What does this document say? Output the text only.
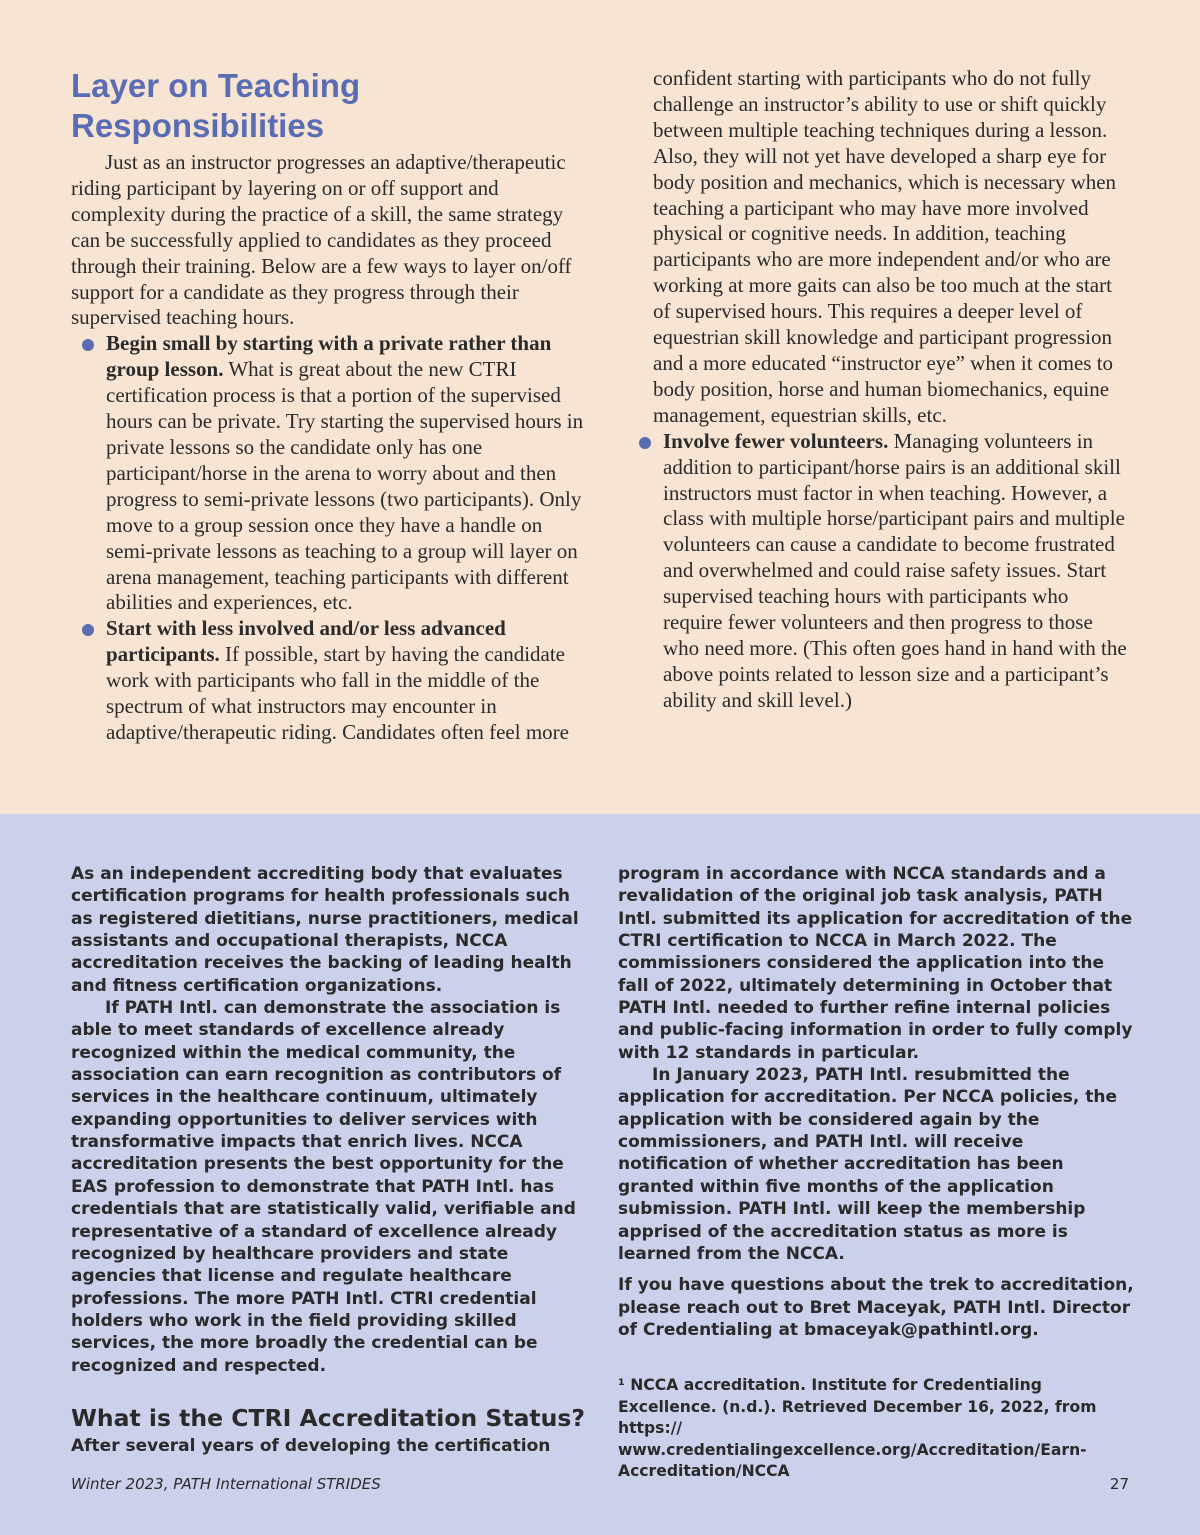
Layer on Teaching Responsibilities

Just as an instructor progresses an adaptive/therapeutic riding participant by layering on or off support and complexity during the practice of a skill, the same strategy can be successfully applied to candidates as they proceed through their training. Below are a few ways to layer on/off support for a candidate as they progress through their supervised teaching hours.

Begin small by starting with a private rather than group lesson. What is great about the new CTRI certification process is that a portion of the supervised hours can be private. Try starting the supervised hours in private lessons so the candidate only has one participant/horse in the arena to worry about and then progress to semi-private lessons (two participants). Only move to a group session once they have a handle on semi-private lessons as teaching to a group will layer on arena management, teaching participants with different abilities and experiences, etc.
Start with less involved and/or less advanced participants. If possible, start by having the candidate work with participants who fall in the middle of the spectrum of what instructors may encounter in adaptive/therapeutic riding. Candidates often feel more

confident starting with participants who do not fully challenge an instructor’s ability to use or shift quickly between multiple teaching techniques during a lesson. Also, they will not yet have developed a sharp eye for body position and mechanics, which is necessary when teaching a participant who may have more involved physical or cognitive needs. In addition, teaching participants who are more independent and/or who are working at more gaits can also be too much at the start of supervised hours. This requires a deeper level of equestrian skill knowledge and participant progression and a more educated “instructor eye” when it comes to body position, horse and human biomechanics, equine management, equestrian skills, etc.

Involve fewer volunteers. Managing volunteers in addition to participant/horse pairs is an additional skill instructors must factor in when teaching. However, a class with multiple horse/participant pairs and multiple volunteers can cause a candidate to become frustrated and overwhelmed and could raise safety issues. Start supervised teaching hours with participants who require fewer volunteers and then progress to those who need more. (This often goes hand in hand with the above points related to lesson size and a participant’s ability and skill level.)

As an independent accrediting body that evaluates certification programs for health professionals such as registered dietitians, nurse practitioners, medical assistants and occupational therapists, NCCA accreditation receives the backing of leading health and fitness certification organizations.

If PATH Intl. can demonstrate the association is able to meet standards of excellence already recognized within the medical community, the association can earn recognition as contributors of services in the healthcare continuum, ultimately expanding opportunities to deliver services with transformative impacts that enrich lives. NCCA accreditation presents the best opportunity for the EAS profession to demonstrate that PATH Intl. has credentials that are statistically valid, verifiable and representative of a standard of excellence already recognized by healthcare providers and state agencies that license and regulate healthcare professions. The more PATH Intl. CTRI credential holders who work in the field providing skilled services, the more broadly the credential can be recognized and respected.

What is the CTRI Accreditation Status?

After several years of developing the certification

program in accordance with NCCA standards and a revalidation of the original job task analysis, PATH Intl. submitted its application for accreditation of the CTRI certification to NCCA in March 2022. The commissioners considered the application into the fall of 2022, ultimately determining in October that PATH Intl. needed to further refine internal policies and public-facing information in order to fully comply with 12 standards in particular.

In January 2023, PATH Intl. resubmitted the application for accreditation. Per NCCA policies, the application with be considered again by the commissioners, and PATH Intl. will receive notification of whether accreditation has been granted within five months of the application submission. PATH Intl. will keep the membership apprised of the accreditation status as more is learned from the NCCA.

If you have questions about the trek to accreditation, please reach out to Bret Maceyak, PATH Intl. Director of Credentialing at bmaceyak@pathintl.org.

¹ NCCA accreditation. Institute for Credentialing Excellence. (n.d.). Retrieved December 16, 2022, from https:// www.credentialingexcellence.org/Accreditation/Earn-Accreditation/NCCA

Winter 2023, PATH International STRIDES	27
